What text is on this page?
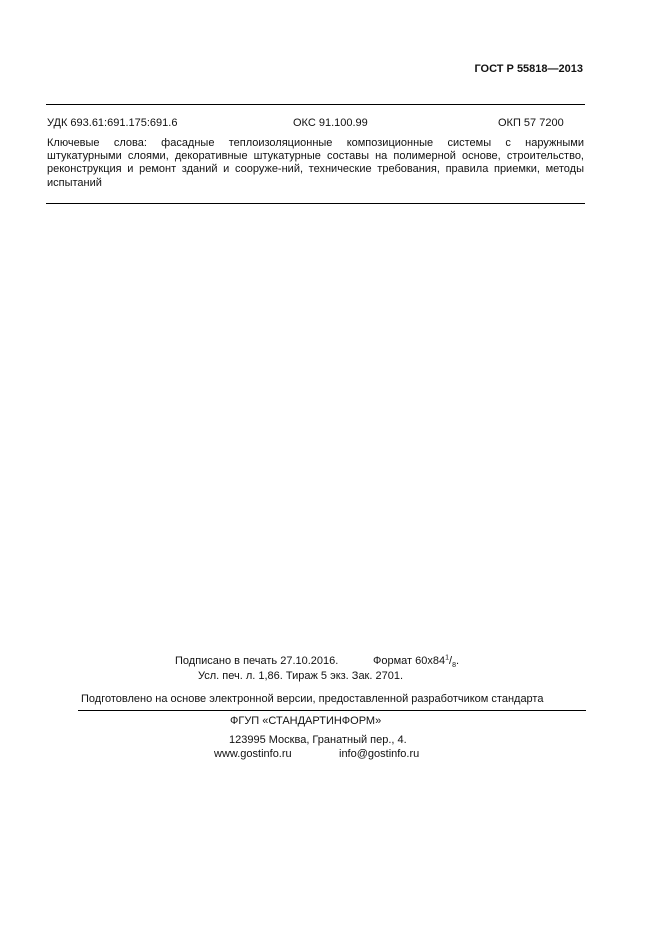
ГОСТ Р 55818—2013
УДК 693.61:691.175:691.6	ОКС 91.100.99	ОКП 57 7200
Ключевые слова: фасадные теплоизоляционные композиционные системы с наружными
штукатурными слоями, декоративные штукатурные составы на полимерной основе, строительство,
реконструкция и ремонт зданий и сооруже-ний, технические требования, правила приемки, методы
испытаний
Подписано в печать 27.10.2016.	Формат $60x84^1/_8$.
Усл. печ. л. 1,86. Тираж 5 экз. Зак. 2701.
Подготовлено на основе электронной версии, предоставленной разработчиком стандарта
ФГУП «СТАНДАРТИНФОРМ»
123995 Москва, Гранатный пер., 4.
www.gostinfo.ru	info@gostinfo.ru
